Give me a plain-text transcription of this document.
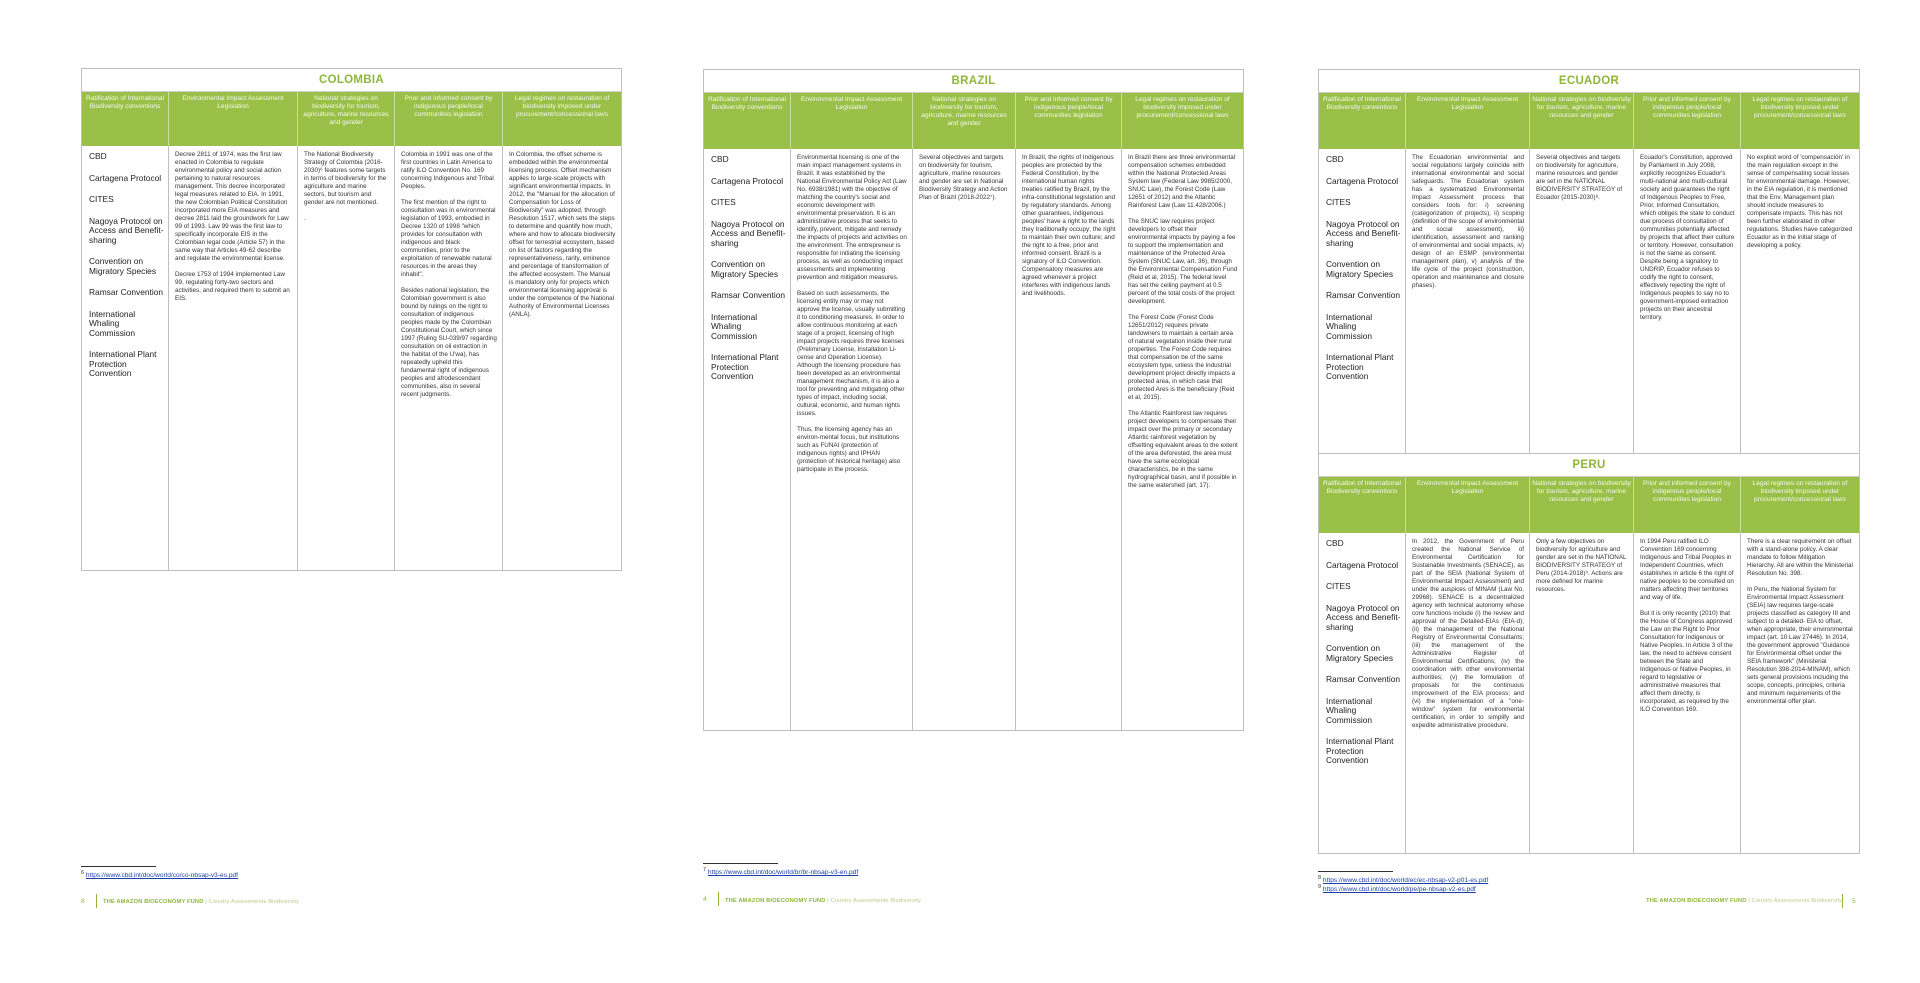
COLOMBIA
Ratification of International Biodiversity conventions
Environmental Impact Assessment Legislation
National strategies on biodiversity for tourism, agriculture, marine resources and gender
Prior and informed consent by indigenous people/local communities legislation
Legal regimes on restauration of biodiversity imposed under procurement/concessional laws
CBD
Cartagena Protocol
CITES
Nagoya Protocol on Access and Benefit-sharing
Convention on Migratory Species
Ramsar Convention
International Whaling Commission
International Plant Protection Convention

Decree 2811 of 1974, was the first law enacted in Colombia to regulate environmental policy and social action pertaining to natural resources management. This decree incorporated legal measures related to EIA. In 1991, the new Colombian Political Constitution incorporated more EIA measures and decree 2811 laid the groundwork for Law 99 of 1993. Law 99 was the first law to specifically incorporate EIS in the Colombian legal code (Article 57) in the same way that Articles 49-62 describe and regulate the environmental license.

Decree 1753 of 1994 implemented Law 99, regulating forty-two sectors and activities, and required them to submit an EIS.

The National Biodiversity Strategy of Colombia (2016-2030)⁶ features some targets in terms of biodiversity for the agriculture and marine sectors, but tourism and gender are not mentioned.

.

Colombia in 1991 was one of the first countries in Latin America to ratify ILO Convention No. 169 concerning Indigenous and Tribal Peoples.

The first mention of the right to consultation was in environmental legislation of 1993, embodied in Decree 1320 of 1998 "which provides for consultation with indigenous and black communities, prior to the exploitation of renewable natural resources in the areas they inhabit".

Besides national legislation, the Colombian government is also bound by rulings on the right to consultation of indigenous peoples made by the Colombian Constitutional Court, which since 1997 (Ruling SU-039/97 regarding consultation on oil extraction in the habitat of the U'wa), has repeatedly upheld this fundamental right of indigenous peoples and afrodescendant communities, also in several recent judgments.

In Colombia, the offset scheme is embedded within the environmental licensing process. Offset mechanism applies to large-scale projects with significant environmental impacts. In 2012, the "Manual for the allocation of Compensation for Loss of Biodiversity" was adopted, through Resolution 1517, which sets the steps to determine and quantify how much, where and how to allocate biodiversity offset for terrestrial ecosystem, based on list of factors regarding the representativeness, rarity, eminence and percentage of transformation of the affected ecosystem. The Manual is mandatory only for projects which environmental licensing approval is under the competence of the National Authority of Environmental Licenses (ANLA).

$^6$ https://www.cbd.int/doc/world/co/co-nbsap-v3-es.pdf
8	THE AMAZON BIOECONOMY FUND | Country Assessments Biodiversity
BRAZIL
Ratification of International Biodiversity conventions
Environmental Impact Assessment Legislation
National strategies on biodiversity for tourism, agriculture, marine resources and gender
Prior and informed consent by indigenous people/local communities legislation
Legal regimes on restauration of biodiversity imposed under procurement/concessional laws
CBD
Cartagena Protocol
CITES
Nagoya Protocol on Access and Benefit-sharing
Convention on Migratory Species
Ramsar Convention
International Whaling Commission
International Plant Protection Convention

Environmental licensing is one of the main impact management systems in Brazil. It was established by the National Environmental Policy Act (Law No. 6938/1981) with the objective of matching the country's social and economic development with environmental preservation. It is an administrative process that seeks to identify, prevent, mitigate and remedy the impacts of projects and activities on the environment. The entrepreneur is responsible for initiating the licensing process, as well as conducting impact assessments and implementing prevention and mitigation measures.

Based on such assessments, the licensing entity may or may not approve the license, usually submitting it to conditioning measures. In order to allow continuous monitoring at each stage of a project, licensing of high impact projects requires three licenses (Preliminary License, Installation Li-cense and Operation License). Although the licensing procedure has been developed as an environmental management mechanism, it is also a tool for preventing and mitigating other types of impact, including social, cultural, economic, and human rights issues.

Thus, the licensing agency has an environ-mental focus, but institutions such as FUNAI (protection of indigenous rights) and IPHAN (protection of historical heritage) also participate in the process.

Several objectives and targets on biodiversity for tourism, agriculture, marine resources and gender are set in National Biodiversity Strategy and Action Plan of Brazil (2018-2022⁷).

In Brazil, the rights of Indigenous peoples are protected by the Federal Constitution, by the international human rights treaties ratified by Brazil, by the infra-constitutional legislation and by regulatory standards. Among other guarantees, indigenous peoples' have a right to the lands they traditionally occupy; the right to maintain their own culture; and the right to a free, prior and informed consent. Brazil is a signatory of ILO Convention. Compensatory measures are agreed whenever a project interferes with indigenous lands and livelihoods.

In Brazil there are three environmental compensation schemes embedded within the National Protected Areas System law (Federal Law 9985/2000, SNUC Law), the Forest Code (Law 12651 of 2012) and the Atlantic Rainforest Law (Law 11.428/2006.)

The SNUC law requires project developers to offset their environmental impacts by paying a fee to support the implementation and maintenance of the Protected Area System (SNUC Law, art. 36), through the Environmental Compensation Fund (Reid et al, 2015). The federal level has set the ceiling payment at 0.5 percent of the total costs of the project development.

The Forest Code (Forest Code 12651/2012) requires private landowners to maintain a certain area of natural vegetation inside their rural properties. The Forest Code requires that compensation be of the same ecosystem type, unless the industrial development project directly impacts a protected area, in which case that protected Ares is the beneficiary (Reid et al, 2015).

The Atlantic Rainforest law requires project developers to compensate their impact over the primary or secondary Atlantic rainforest vegetation by offsetting equivalent areas to the extent of the area deforested, the area must have the same ecological characteristics, be in the same hydrographical basin, and if possible in the same watershed (art. 17).

$^7$ https://www.cbd.int/doc/world/br/br-nbsap-v3-en.pdf
4	THE AMAZON BIOECONOMY FUND | Country Assessments Biodiversity
ECUADOR
Ratification of International Biodiversity conventions
Environmental Impact Assessment Legislation
National strategies on biodiversity for tourism, agriculture, marine resources and gender
Prior and informed consent by indigenous people/local communities legislation
Legal regimes on restauration of biodiversity imposed under procurement/concessional laws
CBD
Cartagena Protocol
CITES
Nagoya Protocol on Access and Benefit-sharing
Convention on Migratory Species
Ramsar Convention
International Whaling Commission
International Plant Protection Convention

The Ecuadorian environmental and social regulations largely coincide with international environmental and social safeguards. The Ecuadorian system has a systematized Environmental Impact Assessment process that considers tools for: i) screening (categorization of projects), ii) scoping (definition of the scope of environmental and social assessment), iii) identification, assessment and ranking of environmental and social impacts, iv) design of an ESMP (environmental management plan), v) analysis of the life cycle of the project (construction, operation and maintenance and closure phases).

Several objectives and targets on biodiversity for agriculture, marine resources and gender are set in the NATIONAL BIODIVERSITY STRATEGY of Ecuador (2015-2030)⁸.

Ecuador's Constitution, approved by Parliament in July 2008, explicitly recognizes Ecuador's multi-national and multi-cultural society and guarantees the right of Indigenous Peoples to Free, Prior, Informed Consultation, which obliges the state to conduct due process of consultation of communities potentially affected by projects that affect their culture or territory. However, consultation is not the same as consent. Despite being a signatory to UNDRIP, Ecuador refuses to codify the right to consent, effectively rejecting the right of Indigenous peoples to say no to government-imposed extraction projects on their ancestral territory.

No explicit word of 'compensación' in the main regulation except in the sense of compensating social losses for environmental damage. However, in the EIA regulation, it is mentioned that the Env. Management plan should include measures to compensate impacts. This has not been further elaborated in other regulations. Studies have categorized Ecuador as in the initial stage of developing a policy.

PERU
Ratification of International Biodiversity conventions
Environmental Impact Assessment Legislation
National strategies on biodiversity for tourism, agriculture, marine resources and gender
Prior and informed consent by indigenous people/local communities legislation
Legal regimes on restauration of biodiversity imposed under procurement/concessional laws
CBD
Cartagena Protocol
CITES
Nagoya Protocol on Access and Benefit-sharing
Convention on Migratory Species
Ramsar Convention
International Whaling Commission
International Plant Protection Convention

In 2012, the Government of Peru created the National Service of Environmental Certification for Sustainable Investments (SENACE), as part of the SEIA (National System of Environmental Impact Assessment) and under the auspices of MINAM (Law No. 29968). SENACE is a decentralized agency with technical autonomy whose core functions include (i) the review and approval of the Detailed-EIAs (EIA-d); (ii) the management of the National Registry of Environmental Consultants; (iii) the management of the Administrative Register of Environmental Certifications; (iv) the coordination with other environmental authorities; (v) the formulation of proposals for the continuous improvement of the EIA process; and (vi) the implementation of a "one-window" system for environmental certification, in order to simplify and expedite administrative procedure.

Only a few objectives on biodiversity for agriculture and gender are set in the NATIONAL BIODIVERSITY STRATEGY of Peru (2014-2018)⁹. Actions are more defined for marine resources.

In 1994 Peru ratified ILO Convention 169 concerning Indigenous and Tribal Peoples in Independent Countries, which establishes in article 6 the right of native peoples to be consulted on matters affecting their territories and way of life.

But it is only recently (2010) that the House of Congress approved the Law on the Right to Prior Consultation for Indigenous or Native Peoples. In Article 3 of the law, the need to achieve consent between the State and Indigenous or Native Peoples, in regard to legislative or administrative measures that affect them directly, is incorporated, as required by the ILO Convention 169.

There is a clear requirement on offset with a stand-alone policy. A clear mandate to follow Mitigation Hierarchy. All are within the Ministerial Resolution No. 398.

In Peru, the National System for Environmental Impact Assessment (SEIA) law requires large-scale projects classified as category III and subject to a detailed- EIA to offset, when appropriate, their environmental impact (art. 10 Law 27446). In 2014, the government approved "Guidance for Environmental offset under the SEIA framework" (Ministerial Resolution 398-2014-MINAM), which sets general provisions including the scope, concepts, principles, criteria and minimum requirements of the environmental offer plan.

$^8$ https://www.cbd.int/doc/world/ec/ec-nbsap-v2-p01-es.pdf
$^9$ https://www.cbd.int/doc/world/pe/pe-nbsap-v2-es.pdf
THE AMAZON BIOECONOMY FUND | Country Assessments Biodiversity 5
